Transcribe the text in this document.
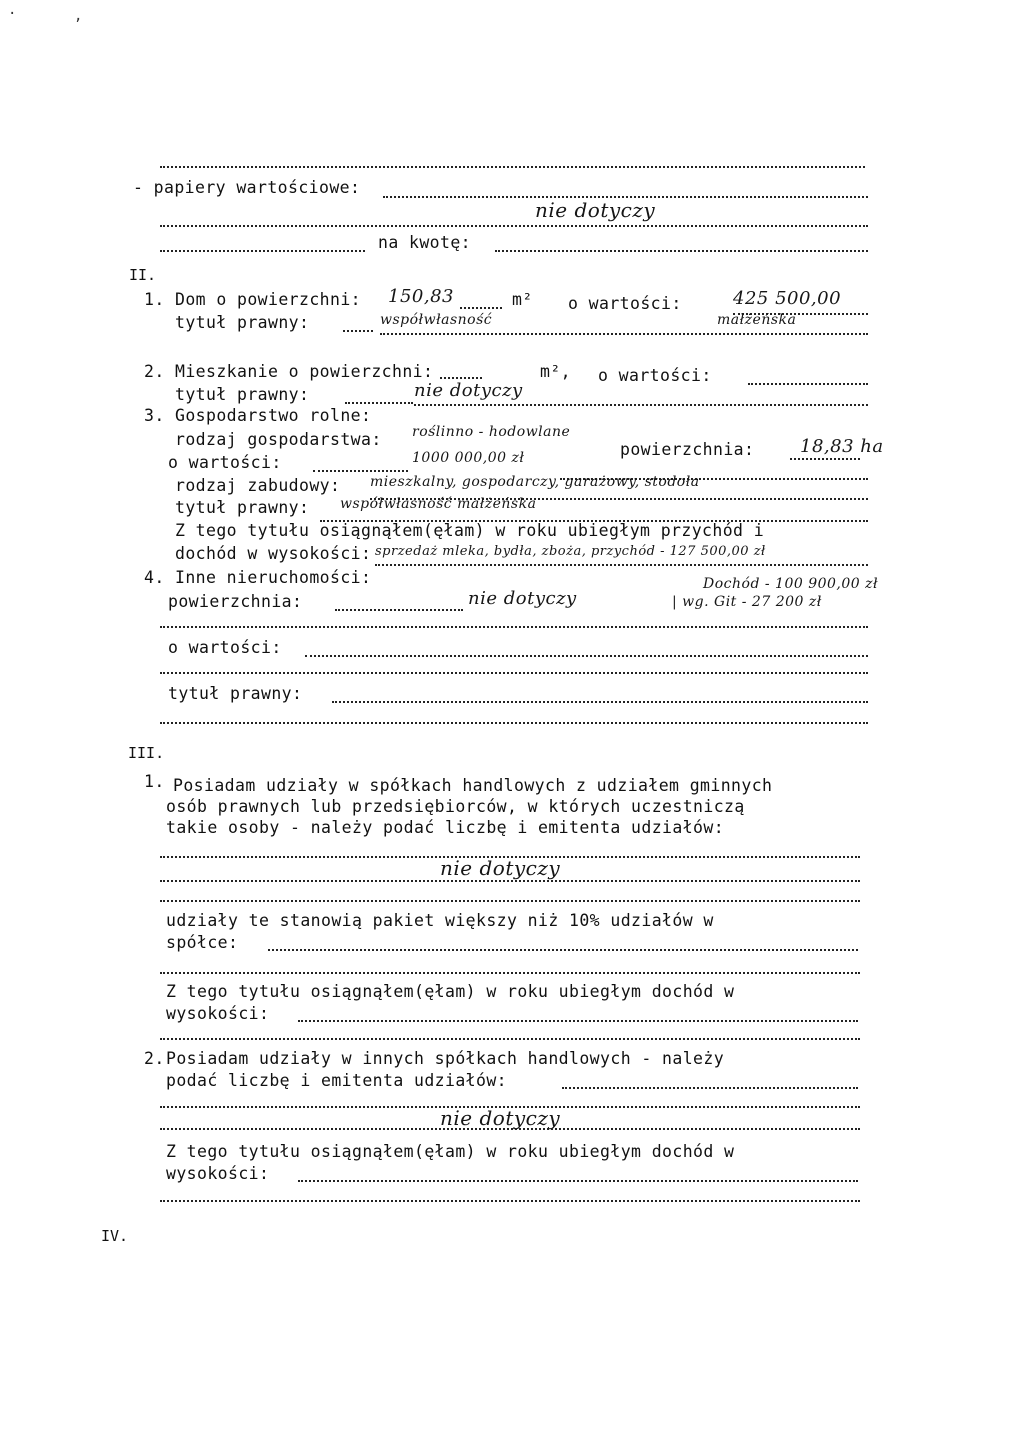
·	,
- papiery wartościowe:
nie dotyczy
na kwotę:
II.
1. Dom o powierzchni: 150,83	m² o wartości:	425 500,00
tytuł prawny:	współwłasność	małżeńska
2. Mieszkanie o powierzchni:	m², o wartości:
tytuł prawny:	nie dotyczy
3. Gospodarstwo rolne:
rodzaj gospodarstwa: roślinno - hodowlane
powierzchnia:	18,83 ha
o wartości:	1000 000,00 zł
rodzaj zabudowy: mieszkalny, gospodarczy, garażowy, stodoła
tytuł prawny: współwłasność małżeńska
Z tego tytułu osiągnąłem(ęłam) w roku ubiegłym przychód i
dochód w wysokości: sprzedaż mleka, bydła, zboża, przychód - 127 500,00 zł
4. Inne nieruchomości:	Dochód - 100 900,00 zł
powierzchnia:	nie dotyczy	| wg. Git - 27 200 zł
o wartości:
tytuł prawny:
III.
1. Posiadam udziały w spółkach handlowych z udziałem gminnych
osób prawnych lub przedsiębiorców, w których uczestniczą
takie osoby - należy podać liczbę i emitenta udziałów:
nie dotyczy
udziały te stanowią pakiet większy niż 10% udziałów w
spółce:
Z tego tytułu osiągnąłem(ęłam) w roku ubiegłym dochód w
wysokości:
2. Posiadam udziały w innych spółkach handlowych - należy
podać liczbę i emitenta udziałów:
nie dotyczy
Z tego tytułu osiągnąłem(ęłam) w roku ubiegłym dochód w
wysokości:
IV.
